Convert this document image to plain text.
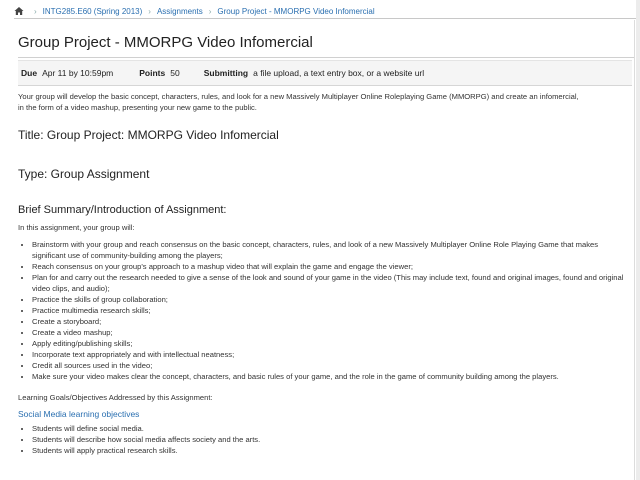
› INTG285.E60 (Spring 2013) › Assignments › Group Project - MMORPG Video Infomercial
Group Project - MMORPG Video Infomercial
Due Apr 11 by 10:59pm	Points 50	Submitting a file upload, a text entry box, or a website url

Your group will develop the basic concept, characters, rules, and look for a new Massively Multiplayer Online Roleplaying Game (MMORPG) and create an infomercial,
in the form of a video mashup, presenting your new game to the public.

Title: Group Project: MMORPG Video Infomercial
Type: Group Assignment
Brief Summary/Introduction of Assignment:

In this assignment, your group will:

• Brainstorm with your group and reach consensus on the basic concept, characters, rules, and look of a new Massively Multiplayer Online Role Playing Game that makes significant use of community-building among the players;
• Reach consensus on your group's approach to a mashup video that will explain the game and engage the viewer;
• Plan for and carry out the research needed to give a sense of the look and sound of your game in the video (This may include text, found and original images, found and original video clips, and audio);
• Practice the skills of group collaboration;
• Practice multimedia research skills;
• Create a storyboard;
• Create a video mashup;
• Apply editing/publishing skills;
• Incorporate text appropriately and with intellectual neatness;
• Credit all sources used in the video;
• Make sure your video makes clear the concept, characters, and basic rules of your game, and the role in the game of community building among the players.

Learning Goals/Objectives Addressed by this Assignment:

Social Media learning objectives

• Students will define social media.
• Students will describe how social media affects society and the arts.
• Students will apply practical research skills.
